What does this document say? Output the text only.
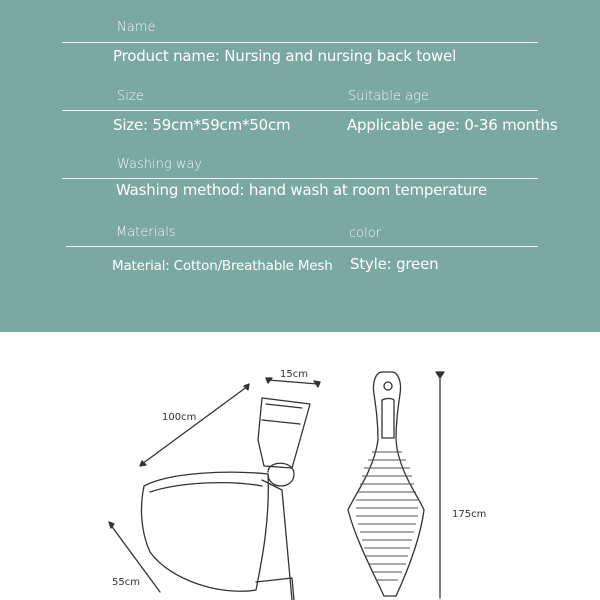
Name
Product name: Nursing and nursing back towel
Size	Suitable age
Size: 59cm*59cm*50cm	Applicable age: 0-36 months
Washing way
Washing method: hand wash at room temperature
Materials	color
Material: Cotton/Breathable Mesh Style: green
15cm
100cm
55cm
175cm
